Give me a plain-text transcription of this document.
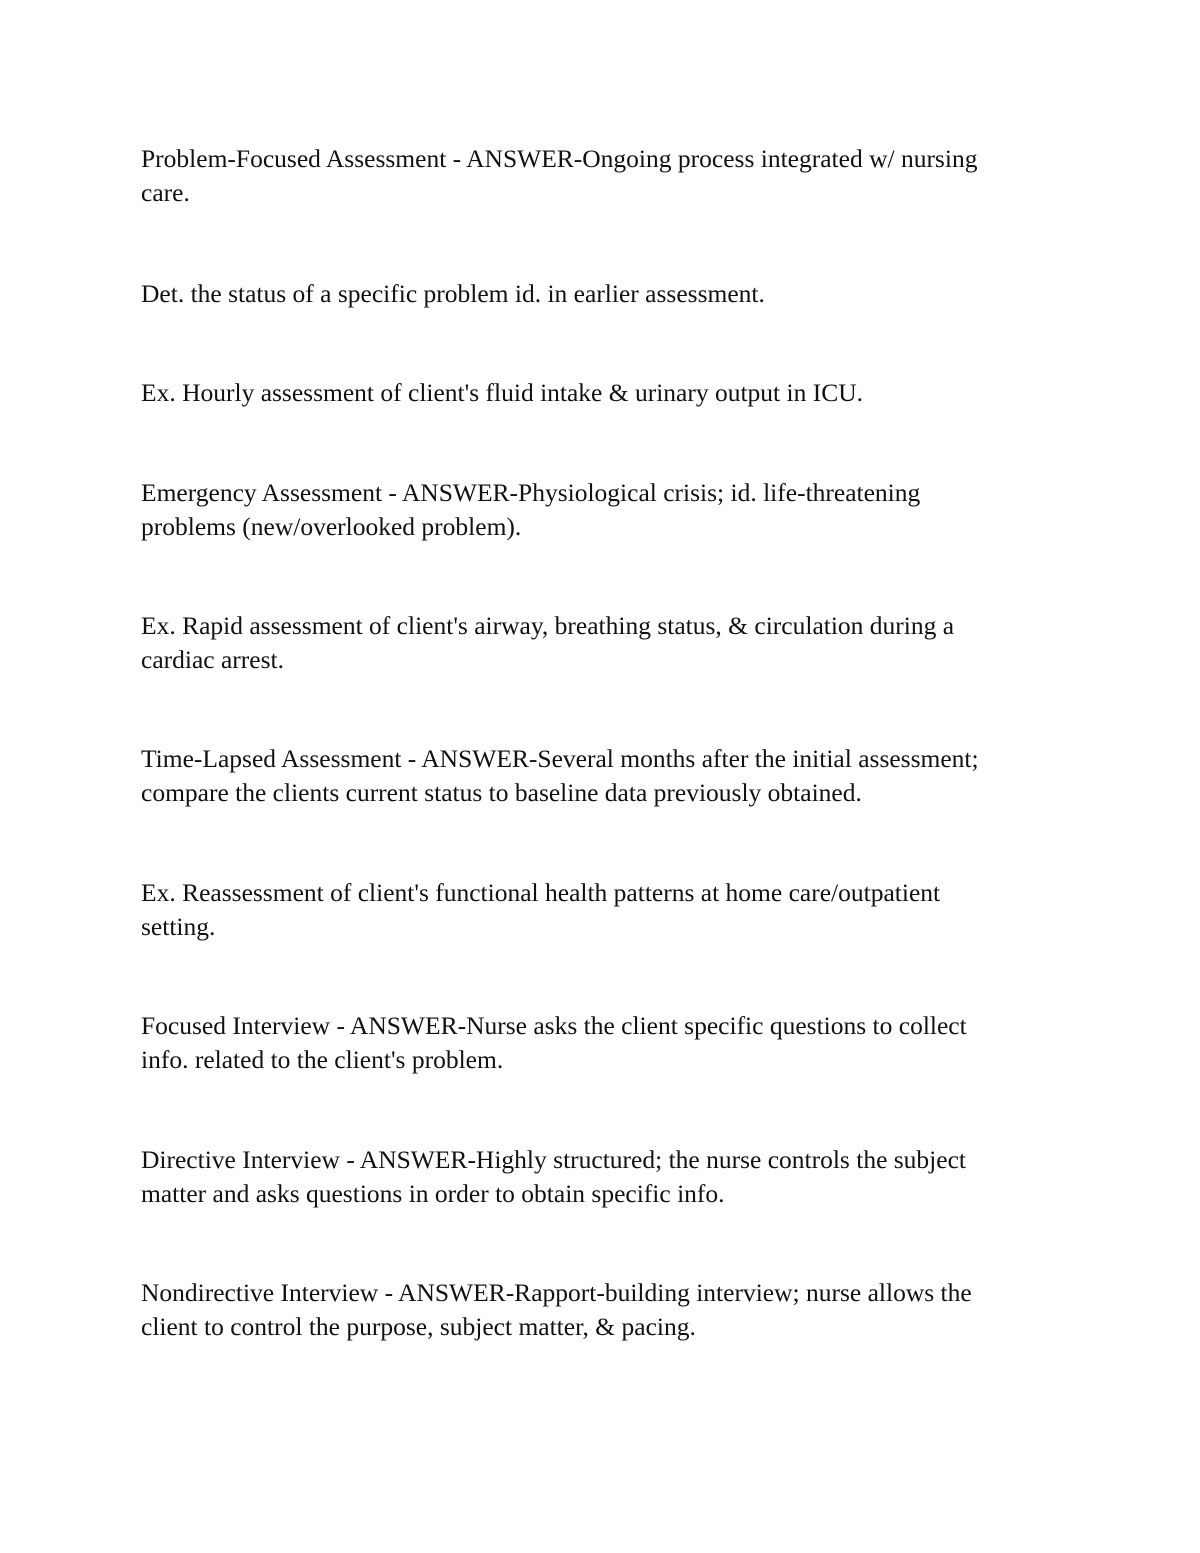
Problem-Focused Assessment - ANSWER-Ongoing process integrated w/ nursing
care.

Det. the status of a specific problem id. in earlier assessment.

Ex. Hourly assessment of client's fluid intake & urinary output in ICU.

Emergency Assessment - ANSWER-Physiological crisis; id. life-threatening
problems (new/overlooked problem).

Ex. Rapid assessment of client's airway, breathing status, & circulation during a
cardiac arrest.

Time-Lapsed Assessment - ANSWER-Several months after the initial assessment;
compare the clients current status to baseline data previously obtained.

Ex. Reassessment of client's functional health patterns at home care/outpatient
setting.

Focused Interview - ANSWER-Nurse asks the client specific questions to collect
info. related to the client's problem.

Directive Interview - ANSWER-Highly structured; the nurse controls the subject
matter and asks questions in order to obtain specific info.

Nondirective Interview - ANSWER-Rapport-building interview; nurse allows the
client to control the purpose, subject matter, & pacing.
